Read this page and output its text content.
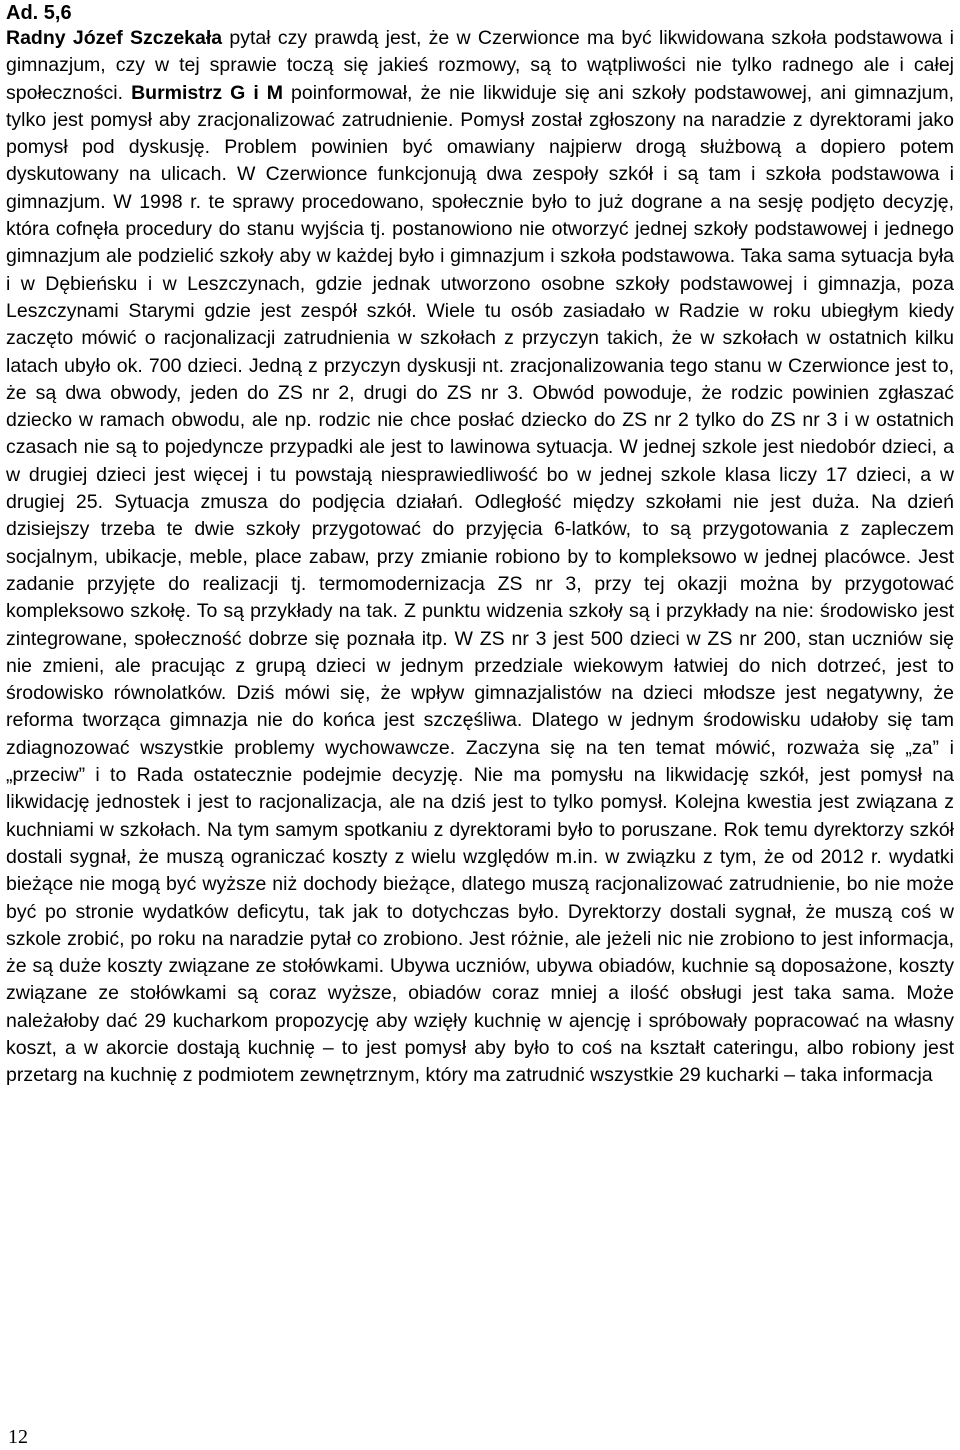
Ad. 5,6

Radny Józef Szczekała pytał czy prawdą jest, że w Czerwionce ma być likwidowana szkoła podstawowa i gimnazjum, czy w tej sprawie toczą się jakieś rozmowy, są to wątpliwości nie tylko radnego ale i całej społeczności. Burmistrz G i M poinformował, że nie likwiduje się ani szkoły podstawowej, ani gimnazjum, tylko jest pomysł aby zracjonalizować zatrudnienie. Pomysł został zgłoszony na naradzie z dyrektorami jako pomysł pod dyskusję. Problem powinien być omawiany najpierw drogą służbową a dopiero potem dyskutowany na ulicach. W Czerwionce funkcjonują dwa zespoły szkół i są tam i szkoła podstawowa i gimnazjum. W 1998 r. te sprawy procedowano, społecznie było to już dograne a na sesję podjęto decyzję, która cofnęła procedury do stanu wyjścia tj. postanowiono nie otworzyć jednej szkoły podstawowej i jednego gimnazjum ale podzielić szkoły aby w każdej było i gimnazjum i szkoła podstawowa. Taka sama sytuacja była i w Dębieńsku i w Leszczynach, gdzie jednak utworzono osobne szkoły podstawowej i gimnazja, poza Leszczynami Starymi gdzie jest zespół szkół. Wiele tu osób zasiadało w Radzie w roku ubiegłym kiedy zaczęto mówić o racjonalizacji zatrudnienia w szkołach z przyczyn takich, że w szkołach w ostatnich kilku latach ubyło ok. 700 dzieci. Jedną z przyczyn dyskusji nt. zracjonalizowania tego stanu w Czerwionce jest to, że są dwa obwody, jeden do ZS nr 2, drugi do ZS nr 3. Obwód powoduje, że rodzic powinien zgłaszać dziecko w ramach obwodu, ale np. rodzic nie chce posłać dziecko do ZS nr 2 tylko do ZS nr 3 i w ostatnich czasach nie są to pojedyncze przypadki ale jest to lawinowa sytuacja. W jednej szkole jest niedobór dzieci, a w drugiej dzieci jest więcej i tu powstają niesprawiedliwość bo w jednej szkole klasa liczy 17 dzieci, a w drugiej 25. Sytuacja zmusza do podjęcia działań. Odległość między szkołami nie jest duża. Na dzień dzisiejszy trzeba te dwie szkoły przygotować do przyjęcia 6-latków, to są przygotowania z zapleczem socjalnym, ubikacje, meble, place zabaw, przy zmianie robiono by to kompleksowo w jednej placówce. Jest zadanie przyjęte do realizacji tj. termomodernizacja ZS nr 3, przy tej okazji można by przygotować kompleksowo szkołę. To są przykłady na tak. Z punktu widzenia szkoły są i przykłady na nie: środowisko jest zintegrowane, społeczność dobrze się poznała itp. W ZS nr 3 jest 500 dzieci w ZS nr 200, stan uczniów się nie zmieni, ale pracując z grupą dzieci w jednym przedziale wiekowym łatwiej do nich dotrzeć, jest to środowisko równolatków. Dziś mówi się, że wpływ gimnazjalistów na dzieci młodsze jest negatywny, że reforma tworząca gimnazja nie do końca jest szczęśliwa. Dlatego w jednym środowisku udałoby się tam zdiagnozować wszystkie problemy wychowawcze. Zaczyna się na ten temat mówić, rozważa się „za” i „przeciw” i to Rada ostatecznie podejmie decyzję. Nie ma pomysłu na likwidację szkół, jest pomysł na likwidację jednostek i jest to racjonalizacja, ale na dziś jest to tylko pomysł. Kolejna kwestia jest związana z kuchniami w szkołach. Na tym samym spotkaniu z dyrektorami było to poruszane. Rok temu dyrektorzy szkół dostali sygnał, że muszą ograniczać koszty z wielu względów m.in. w związku z tym, że od 2012 r. wydatki bieżące nie mogą być wyższe niż dochody bieżące, dlatego muszą racjonalizować zatrudnienie, bo nie może być po stronie wydatków deficytu, tak jak to dotychczas było. Dyrektorzy dostali sygnał, że muszą coś w szkole zrobić, po roku na naradzie pytał co zrobiono. Jest różnie, ale jeżeli nic nie zrobiono to jest informacja, że są duże koszty związane ze stołówkami. Ubywa uczniów, ubywa obiadów, kuchnie są doposażone, koszty związane ze stołówkami są coraz wyższe, obiadów coraz mniej a ilość obsługi jest taka sama. Może należałoby dać 29 kucharkom propozycję aby wzięły kuchnię w ajencję i spróbowały popracować na własny koszt, a w akorcie dostają kuchnię – to jest pomysł aby było to coś na kształt cateringu, albo robiony jest przetarg na kuchnię z podmiotem zewnętrznym, który ma zatrudnić wszystkie 29 kucharki – taka informacja

12
